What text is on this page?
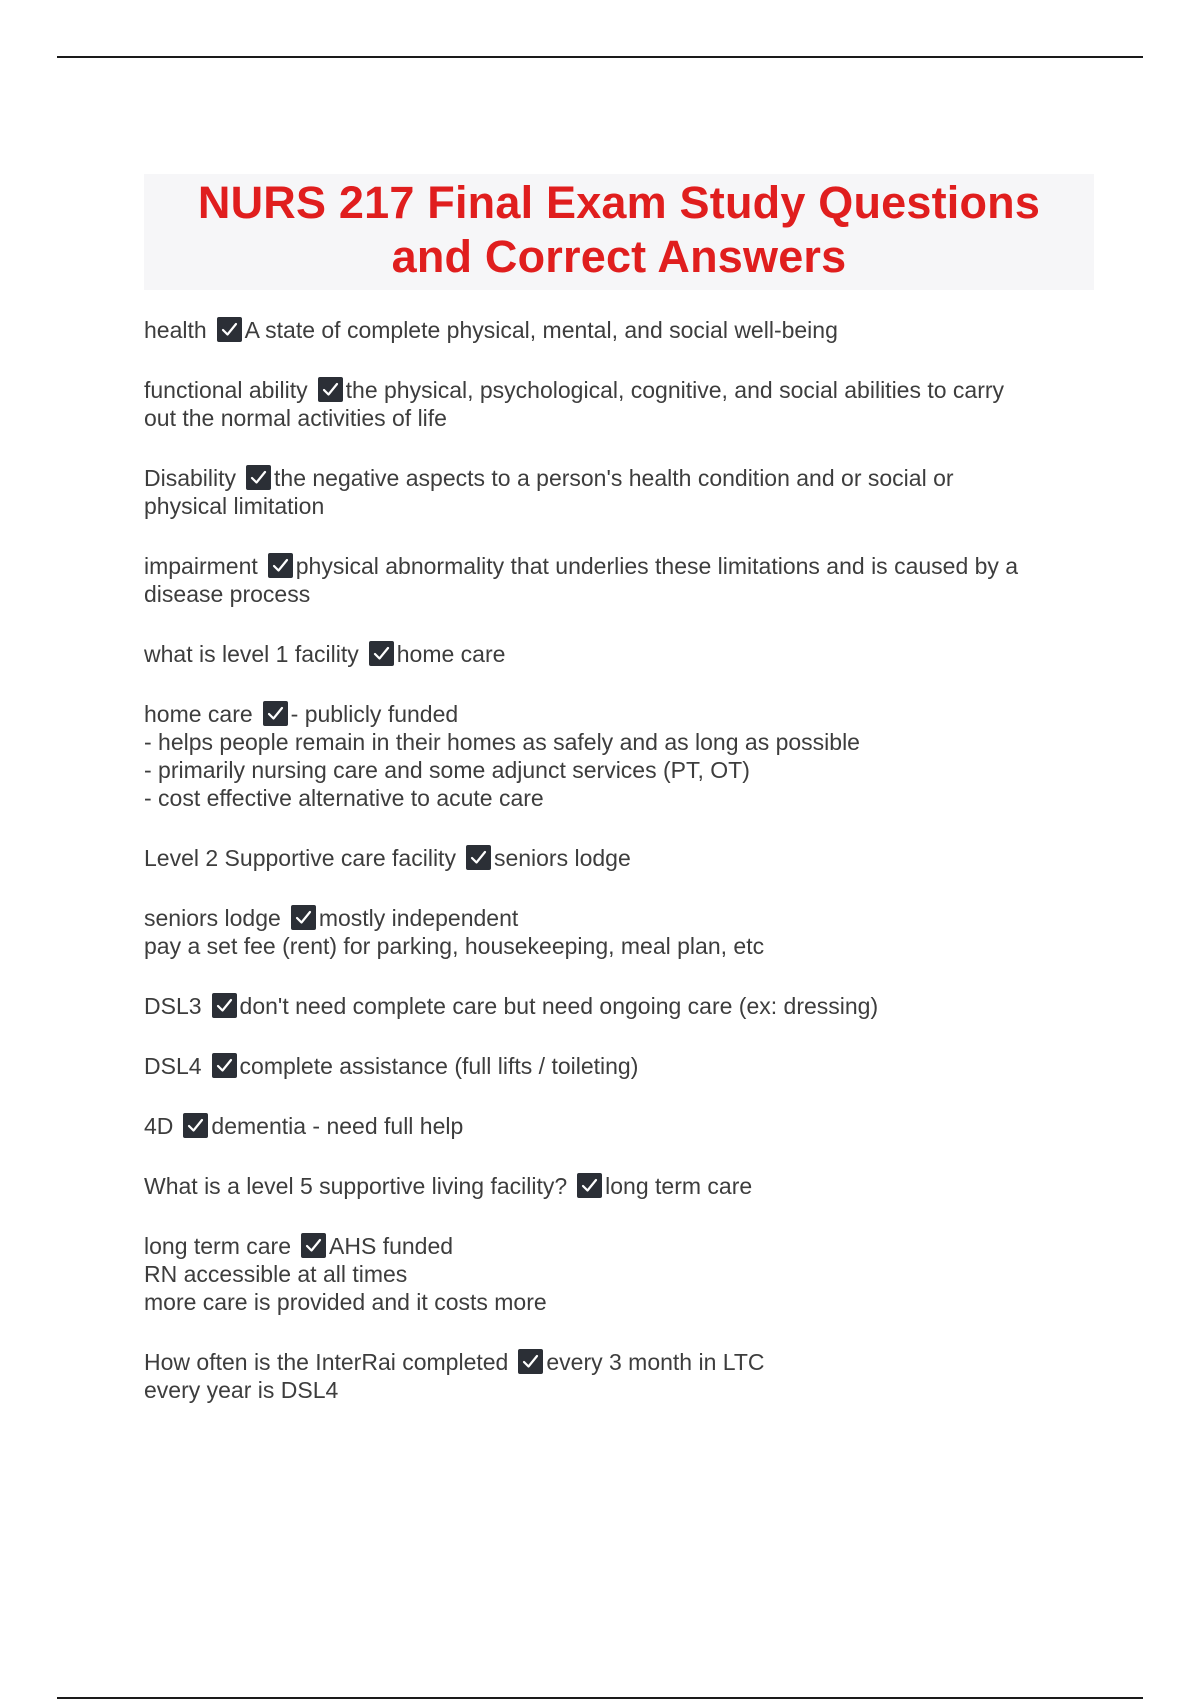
NURS 217 Final Exam Study Questions
and Correct Answers
health A state of complete physical, mental, and social well-being
functional ability the physical, psychological, cognitive, and social abilities to carry
out the normal activities of life
Disability the negative aspects to a person's health condition and or social or
physical limitation
impairment physical abnormality that underlies these limitations and is caused by a
disease process
what is level 1 facility home care
home care - publicly funded
- helps people remain in their homes as safely and as long as possible
- primarily nursing care and some adjunct services (PT, OT)
- cost effective alternative to acute care
Level 2 Supportive care facility seniors lodge
seniors lodge mostly independent
pay a set fee (rent) for parking, housekeeping, meal plan, etc
DSL3 don't need complete care but need ongoing care (ex: dressing)
DSL4 complete assistance (full lifts / toileting)
4D dementia - need full help
What is a level 5 supportive living facility? long term care
long term care AHS funded
RN accessible at all times
more care is provided and it costs more
How often is the InterRai completed every 3 month in LTC
every year is DSL4
